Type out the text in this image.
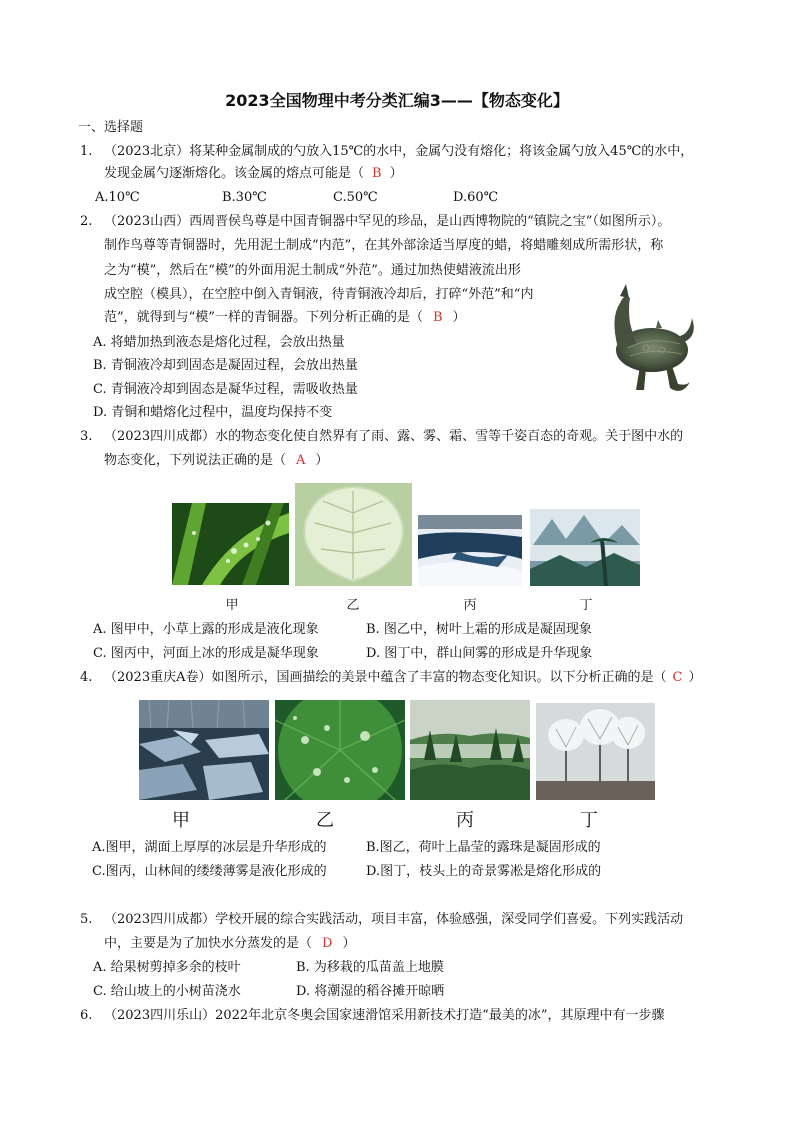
2023全国物理中考分类汇编3——【物态变化】
一、选择题
1. （2023北京）将某种金属制成的勺放入15℃的水中，金属勺没有熔化；将该金属勺放入45℃的水中，
发现金属勺逐渐熔化。该金属的熔点可能是（ B ）
A.10℃	B.30℃	C.50℃	D.60℃
2. （2023山西）西周晋侯鸟尊是中国青铜器中罕见的珍品，是山西博物院的“镇院之宝”（如图所示）。
制作鸟尊等青铜器时，先用泥土制成“内范”，在其外部涂适当厚度的蜡，将蜡雕刻成所需形状，称
之为“模”，然后在“模”的外面用泥土制成“外范”。通过加热使蜡液流出形
成空腔（模具），在空腔中倒入青铜液，待青铜液冷却后，打碎“外范”和“内
范”，就得到与“模”一样的青铜器。下列分析正确的是（ B ）
A. 将蜡加热到液态是熔化过程，会放出热量
B. 青铜液冷却到固态是凝固过程，会放出热量
C. 青铜液冷却到固态是凝华过程，需吸收热量
D. 青铜和蜡熔化过程中，温度均保持不变
3. （2023四川成都）水的物态变化使自然界有了雨、露、雾、霜、雪等千姿百态的奇观。关于图中水的
物态变化，下列说法正确的是（ A ）
甲	乙	丙	丁
A. 图甲中，小草上露的形成是液化现象	B. 图乙中，树叶上霜的形成是凝固现象
C. 图丙中，河面上冰的形成是凝华现象	D. 图丁中，群山间雾的形成是升华现象
4. （2023重庆A卷）如图所示，国画描绘的美景中蕴含了丰富的物态变化知识。以下分析正确的是（ C ）
甲	乙	丙	丁
A.图甲，湖面上厚厚的冰层是升华形成的	B.图乙，荷叶上晶莹的露珠是凝固形成的
C.图丙，山林间的缕缕薄雾是液化形成的	D.图丁，枝头上的奇景雾凇是熔化形成的
5. （2023四川成都）学校开展的综合实践活动，项目丰富，体验感强，深受同学们喜爱。下列实践活动
中，主要是为了加快水分蒸发的是（ D ）
A. 给果树剪掉多余的枝叶	B. 为移栽的瓜苗盖上地膜
C. 给山坡上的小树苗浇水	D. 将潮湿的稻谷摊开晾晒
6. （2023四川乐山）2022年北京冬奥会国家速滑馆采用新技术打造“最美的冰”，其原理中有一步骤
